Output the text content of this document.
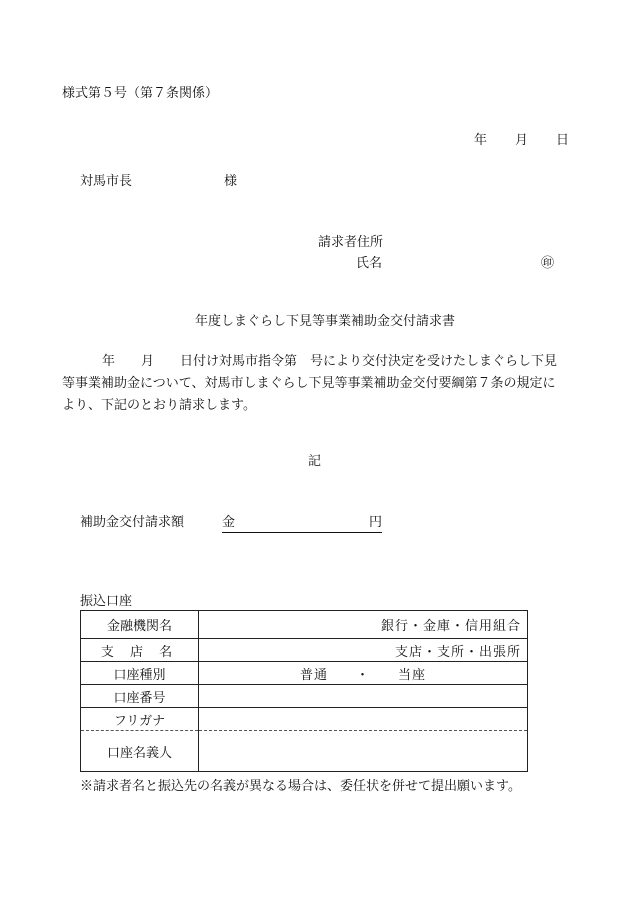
様式第５号（第７条関係）
年 月 日
対馬市長	様
請求者住所
氏名	㊞
年度しまぐらし下見等事業補助金交付請求書
年 月 日付け対馬市指令第　号により交付決定を受けたしまぐらし下見等事業補助金について、対馬市しまぐらし下見等事業補助金交付要綱第７条の規定により、下記のとおり請求します。
記
補助金交付請求額	金	円
振込口座
金融機関名	銀行・金庫・信用組合
支 店 名	支店・支所・出張所
口座種別	普通　　・　　当座
口座番号	
フリガナ	
口座名義人	
※請求者名と振込先の名義が異なる場合は、委任状を併せて提出願います。
